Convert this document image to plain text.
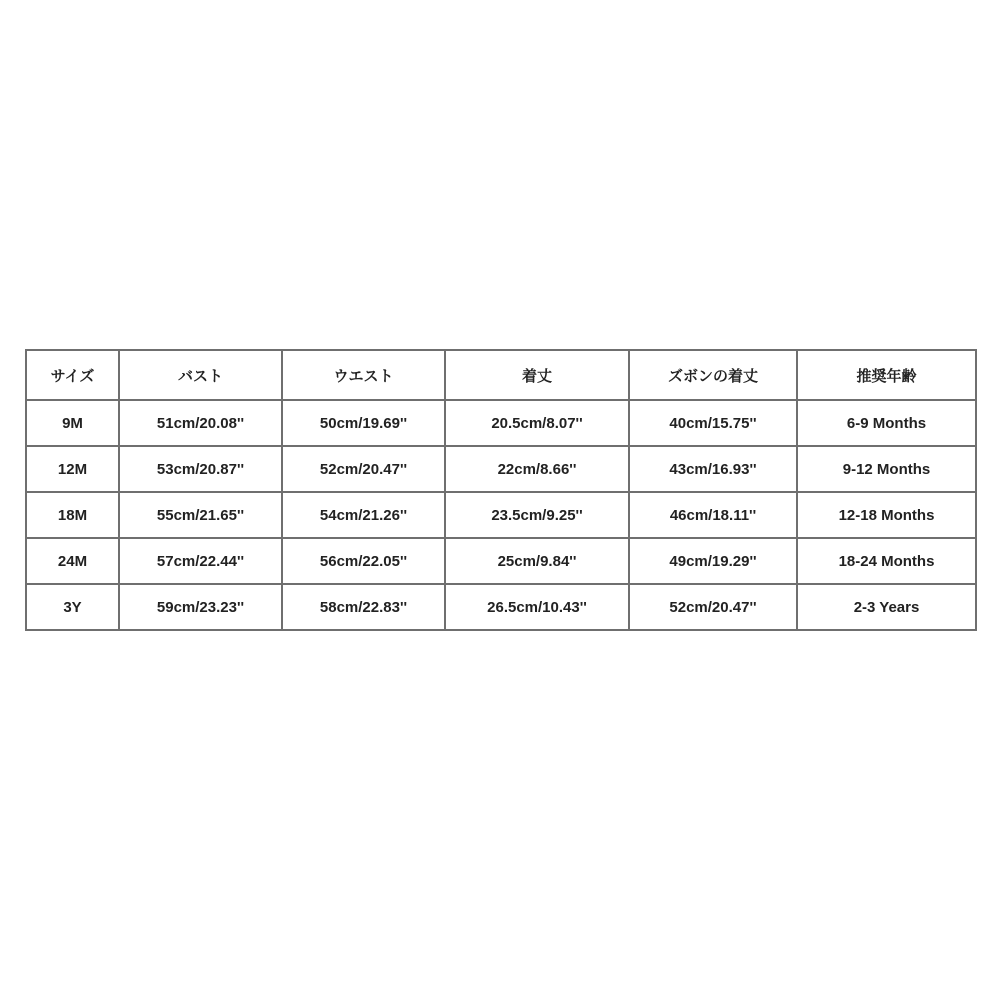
サイズ	バスト	ウエスト	着丈	ズボンの着丈	推奨年齢
9M	51cm/20.08''	50cm/19.69''	20.5cm/8.07''	40cm/15.75''	6-9 Months
12M	53cm/20.87''	52cm/20.47''	22cm/8.66''	43cm/16.93''	9-12 Months
18M	55cm/21.65''	54cm/21.26''	23.5cm/9.25''	46cm/18.11''	12-18 Months
24M	57cm/22.44''	56cm/22.05''	25cm/9.84''	49cm/19.29''	18-24 Months
3Y	59cm/23.23''	58cm/22.83''	26.5cm/10.43''	52cm/20.47''	2-3 Years
